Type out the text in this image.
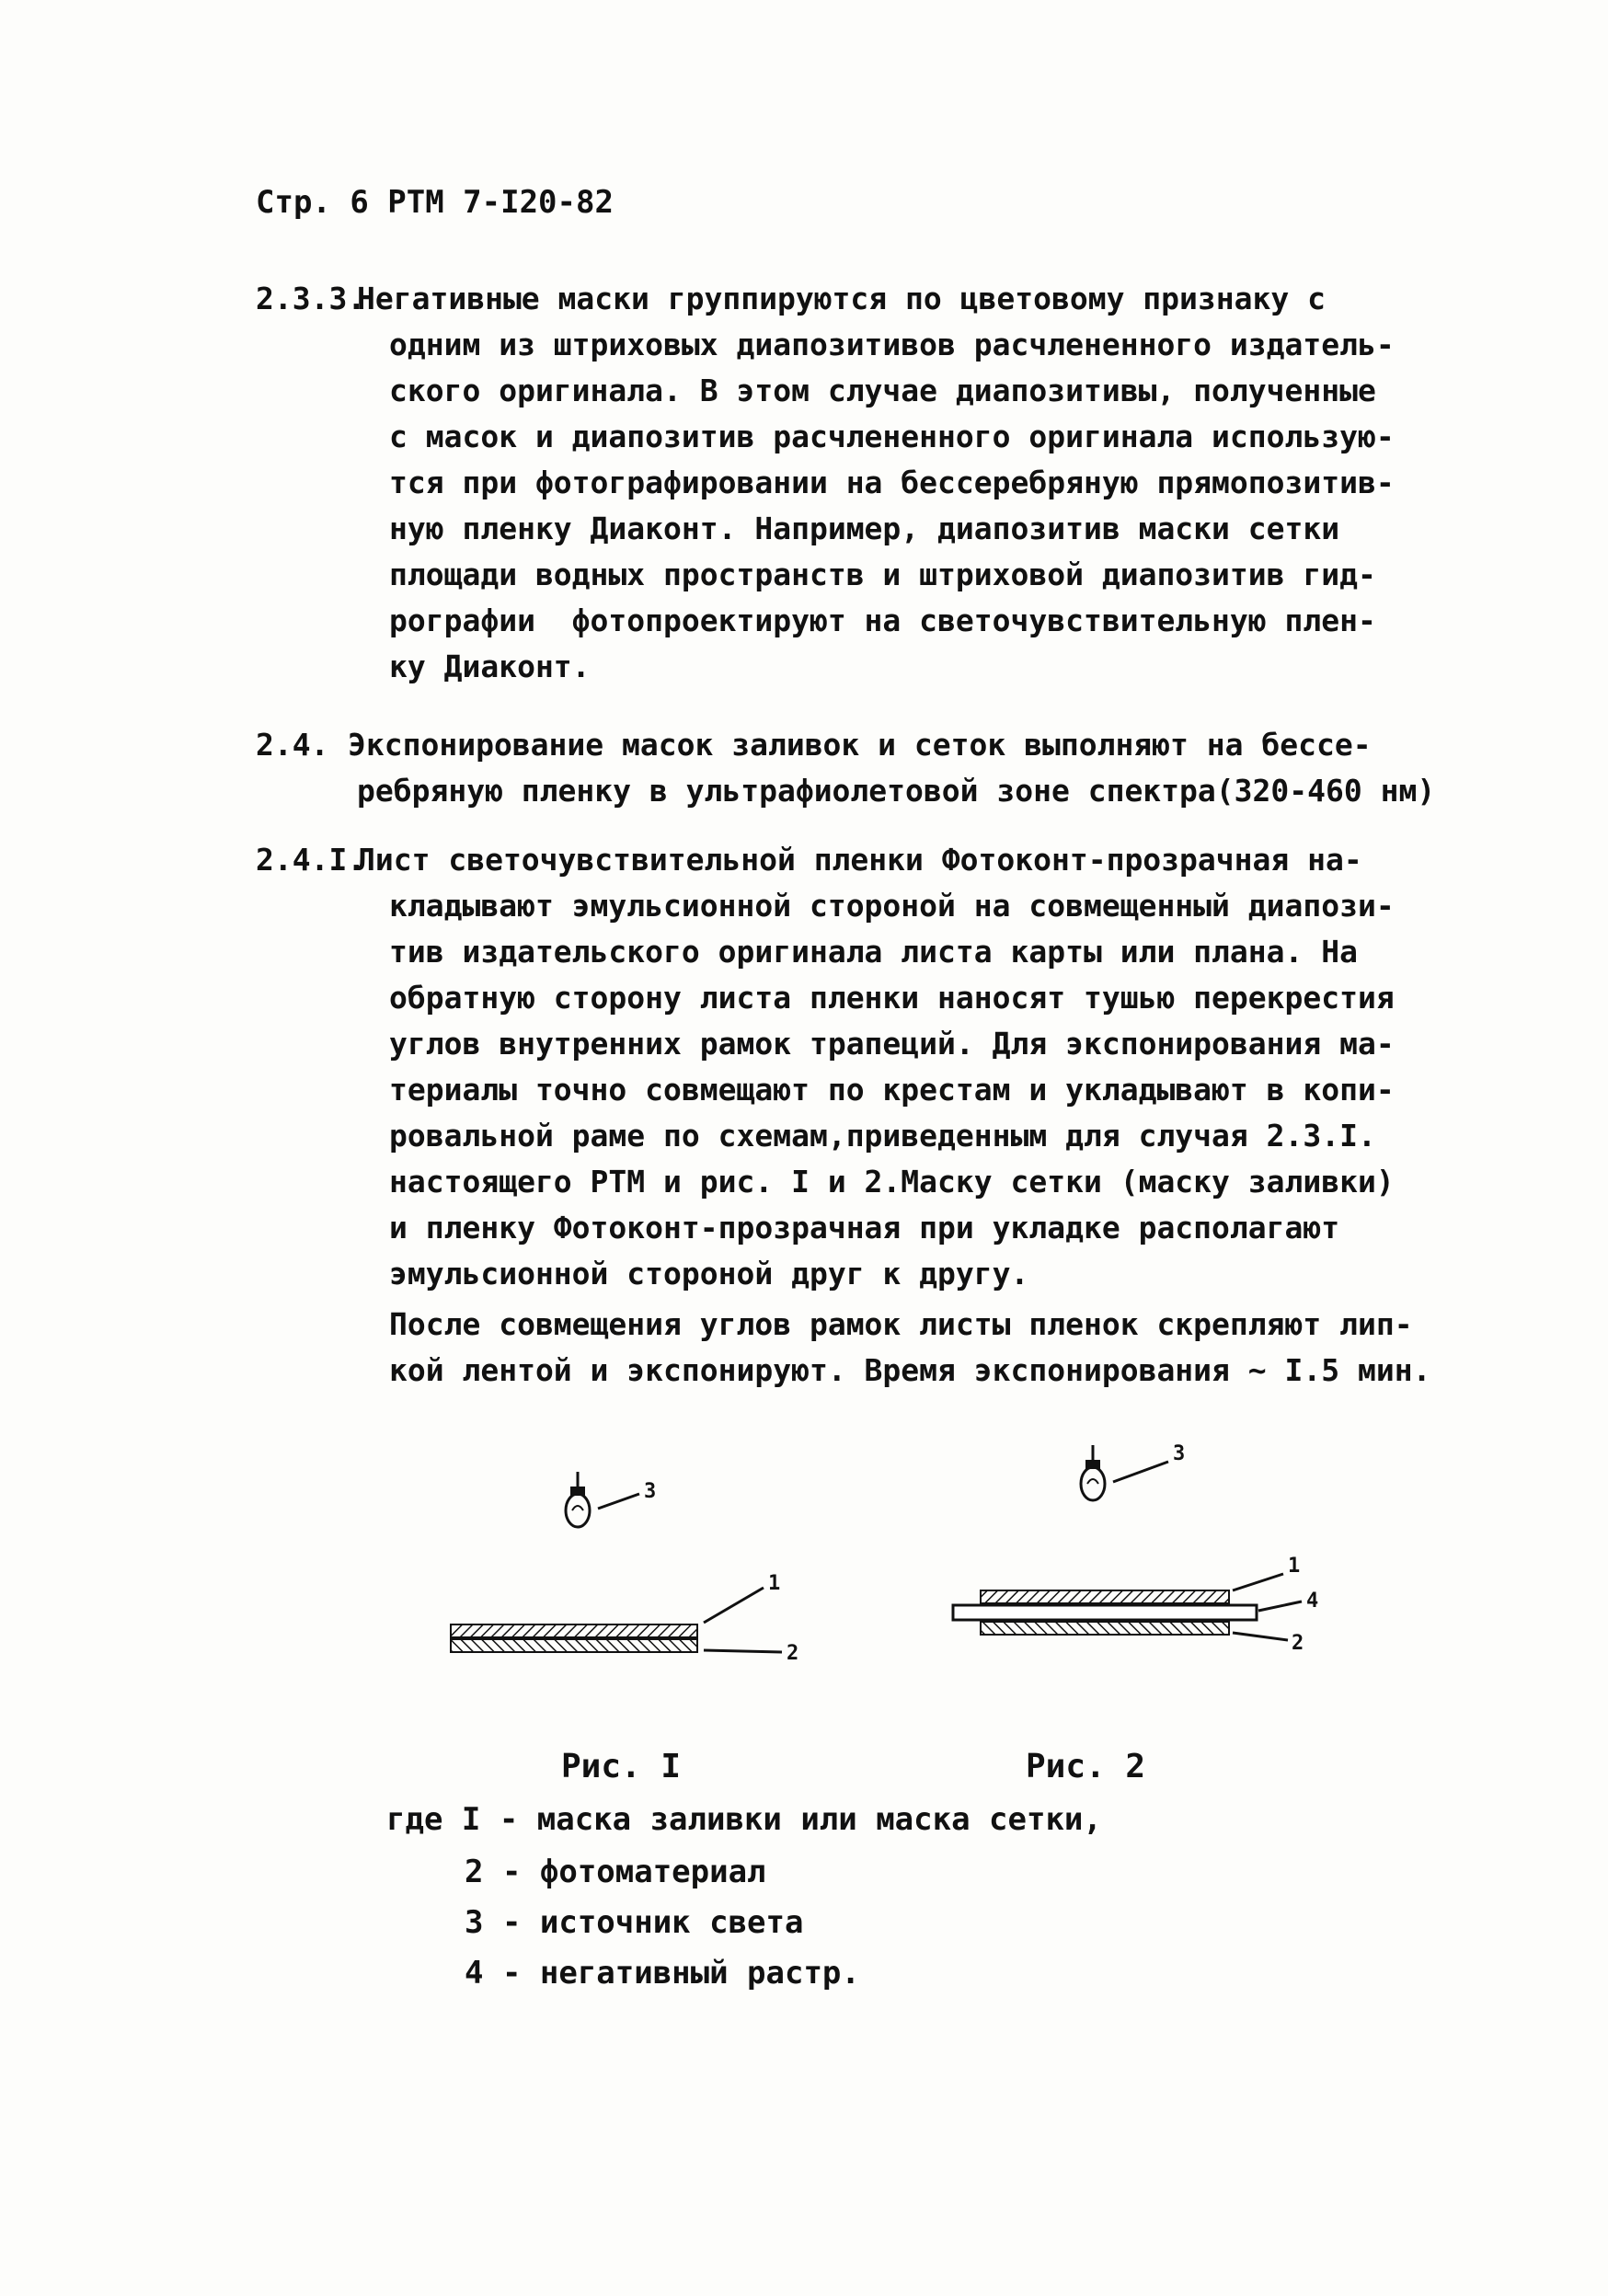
Стр. 6 РТМ 7-I20-82
2.3.3.
Негативные маски группируются по цветовому признаку с
одним из штриховых диапозитивов расчлененного издатель-
ского оригинала. В этом случае диапозитивы, полученные
с масок и диапозитив расчлененного оригинала использую-
тся при фотографировании на бессеребряную прямопозитив-
ную пленку Диаконт. Например, диапозитив маски сетки
площади водных пространств и штриховой диапозитив гид-
рографии  фотопроектируют на светочувствительную плен-
ку Диаконт.
2.4. Экспонирование масок заливок и сеток выполняют на бессе-
ребряную пленку в ультрафиолетовой зоне спектра(320-460 нм)
2.4.I.
Лист светочувствительной пленки Фотоконт-прозрачная на-
кладывают эмульсионной стороной на совмещенный диапози-
тив издательского оригинала листа карты или плана. На
обратную сторону листа пленки наносят тушью перекрестия
углов внутренних рамок трапеций. Для экспонирования ма-
териалы точно совмещают по крестам и укладывают в копи-
ровальной раме по схемам,приведенным для случая 2.3.I.
настоящего РТМ и рис. I и 2.Маску сетки (маску заливки)
и пленку Фотоконт-прозрачная при укладке располагают
эмульсионной стороной друг к другу.
После совмещения углов рамок листы пленок скрепляют лип-
кой лентой и экспонируют. Время экспонирования ~ I.5 мин.
3
1
2
3
1
4
2
Рис. I	Рис. 2
где I - маска заливки или маска сетки,
2 - фотоматериал
3 - источник света
4 - негативный растр.
